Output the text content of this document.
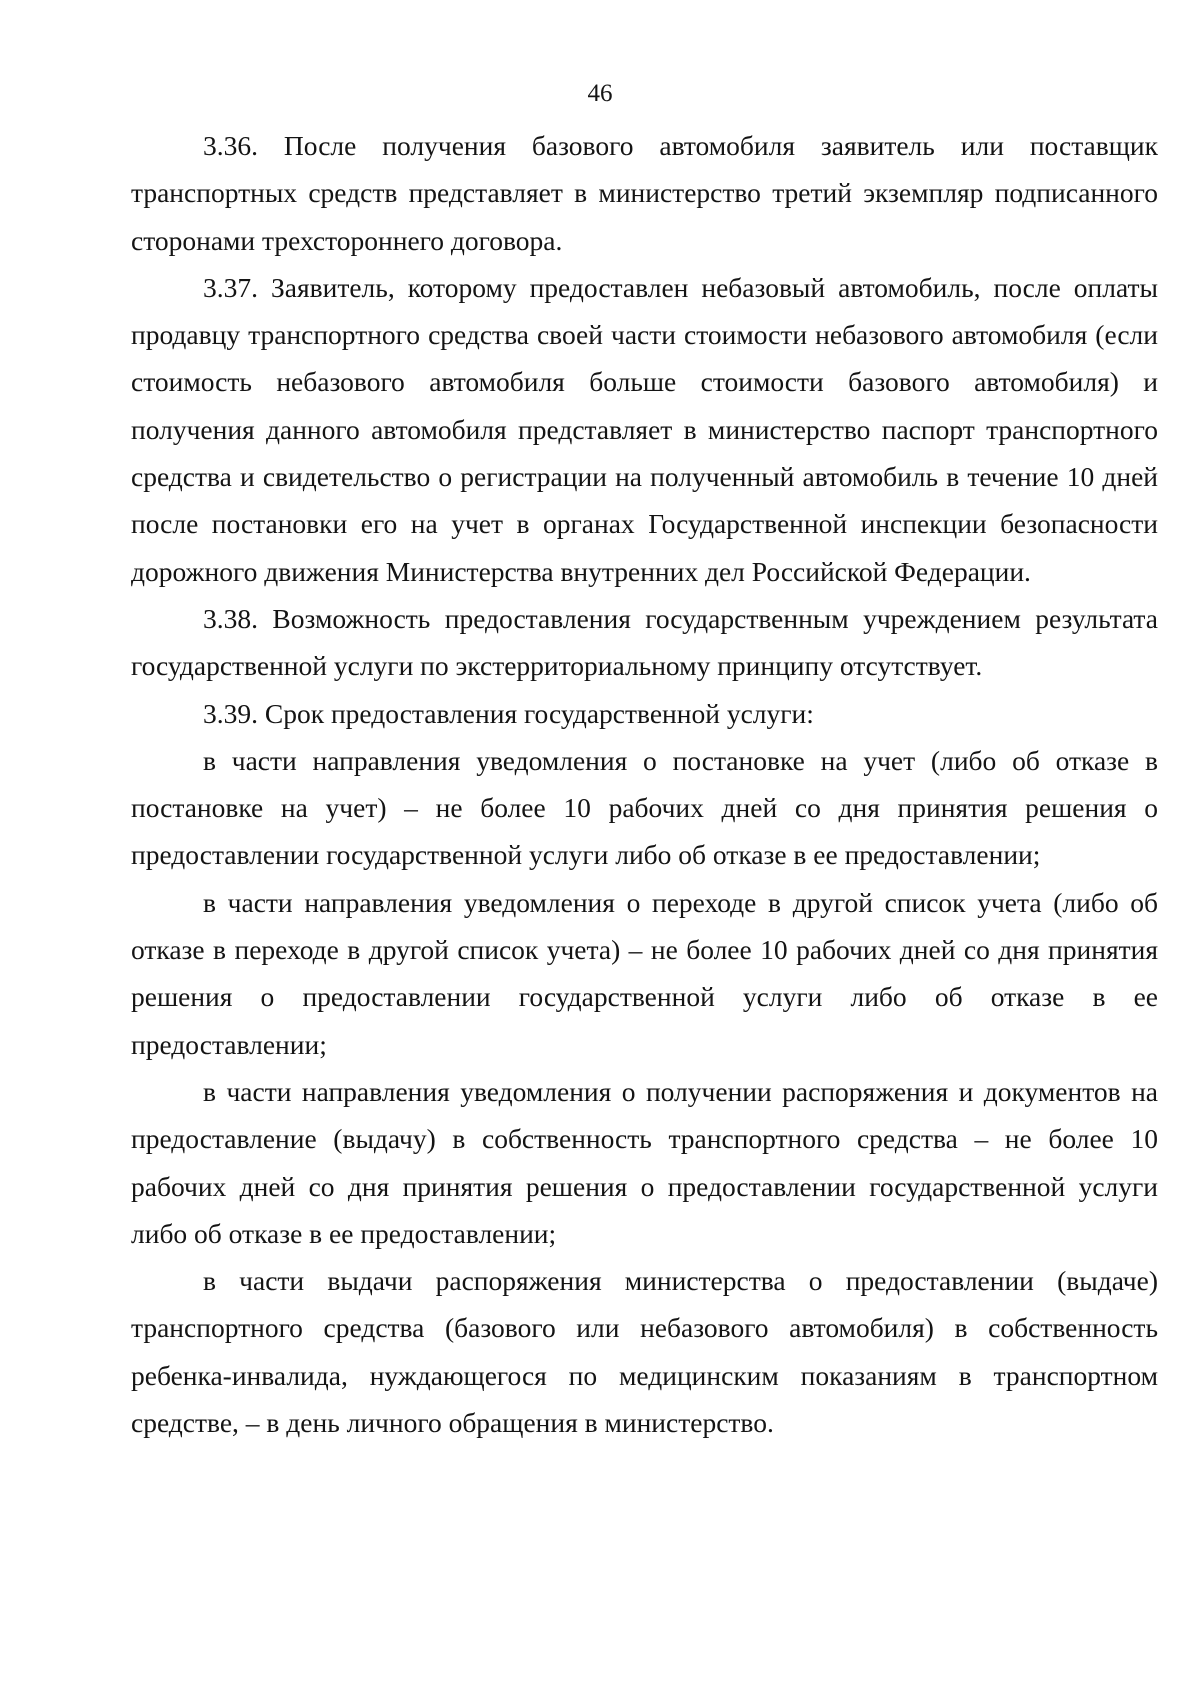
46

3.36. После получения базового автомобиля заявитель или поставщик транспортных средств представляет в министерство третий экземпляр подписанного сторонами трехстороннего договора.

3.37. Заявитель, которому предоставлен небазовый автомобиль, после оплаты продавцу транспортного средства своей части стоимости небазового автомобиля (если стоимость небазового автомобиля больше стоимости базового автомобиля) и получения данного автомобиля представляет в министерство паспорт транспортного средства и свидетельство о регистрации на полученный автомобиль в течение 10 дней после постановки его на учет в органах Государственной инспекции безопасности дорожного движения Министерства внутренних дел Российской Федерации.

3.38. Возможность предоставления государственным учреждением результата государственной услуги по экстерриториальному принципу отсутствует.

3.39. Срок предоставления государственной услуги:

в части направления уведомления о постановке на учет (либо об отказе в постановке на учет) – не более 10 рабочих дней со дня принятия решения о предоставлении государственной услуги либо об отказе в ее предоставлении;

в части направления уведомления о переходе в другой список учета (либо об отказе в переходе в другой список учета) – не более 10 рабочих дней со дня принятия решения о предоставлении государственной услуги либо об отказе в ее предоставлении;

в части направления уведомления о получении распоряжения и документов на предоставление (выдачу) в собственность транспортного средства – не более 10 рабочих дней со дня принятия решения о предоставлении государственной услуги либо об отказе в ее предоставлении;

в части выдачи распоряжения министерства о предоставлении (выдаче) транспортного средства (базового или небазового автомобиля) в собственность ребенка-инвалида, нуждающегося по медицинским показаниям в транспортном средстве, – в день личного обращения в министерство.
